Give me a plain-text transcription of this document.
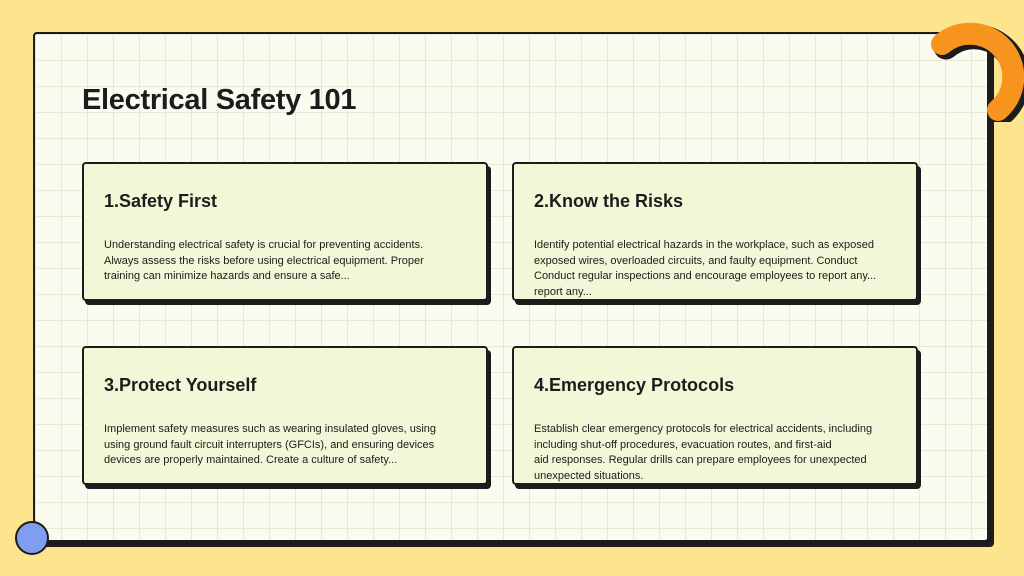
Electrical Safety 101
1.Safety First

Understanding electrical safety is crucial for preventing accidents.
Always assess the risks before using electrical equipment. Proper
training can minimize hazards and ensure a safe...

2.Know the Risks

Identify potential electrical hazards in the workplace, such as exposed
exposed wires, overloaded circuits, and faulty equipment. Conduct
Conduct regular inspections and encourage employees to report any...
report any...

3.Protect Yourself

Implement safety measures such as wearing insulated gloves, using
using ground fault circuit interrupters (GFCIs), and ensuring devices
devices are properly maintained. Create a culture of safety...

4.Emergency Protocols

Establish clear emergency protocols for electrical accidents, including
including shut-off procedures, evacuation routes, and first-aid
aid responses. Regular drills can prepare employees for unexpected
unexpected situations.
